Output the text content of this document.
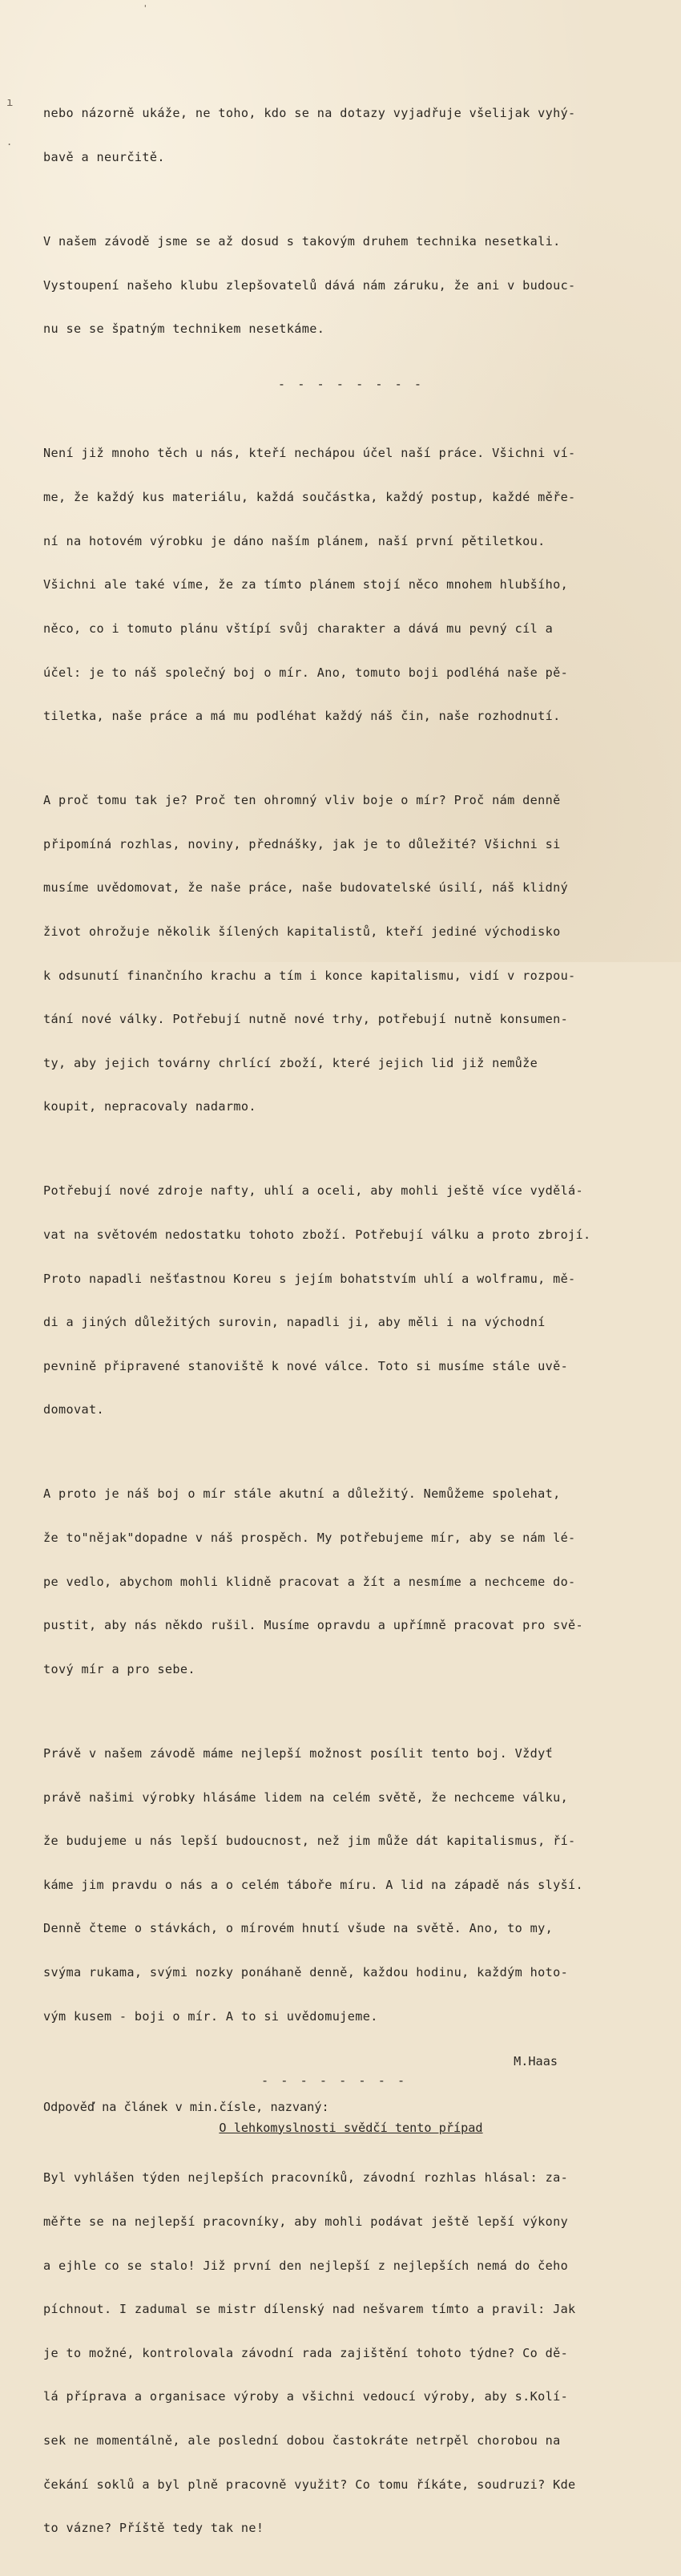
'
ı
.

nebo názorně ukáže, ne toho, kdo se na dotazy vyjadřuje všelijak vyhý-

bavě a neurčitě.

V našem závodě jsme se až dosud s takovým druhem technika nesetkali.

Vystoupení našeho klubu zlepšovatelů dává nám záruku, že ani v budouc-

nu se se špatným technikem nesetkáme.

- - - - - - - -

Není již mnoho těch u nás, kteří nechápou účel naší práce. Všichni ví-

me, že každý kus materiálu, každá součástka, každý postup, každé měře-

ní na hotovém výrobku je dáno naším plánem, naší první pětiletkou.

Všichni ale také víme, že za tímto plánem stojí něco mnohem hlubšího,

něco, co i tomuto plánu vštípí svůj charakter a dává mu pevný cíl a

účel: je to náš společný boj o mír. Ano, tomuto boji podléhá naše pě-

tiletka, naše práce a má mu podléhat každý náš čin, naše rozhodnutí.

A proč tomu tak je? Proč ten ohromný vliv boje o mír? Proč nám denně

připomíná rozhlas, noviny, přednášky, jak je to důležité? Všichni si

musíme uvědomovat, že naše práce, naše budovatelské úsilí, náš klidný

život ohrožuje několik šílených kapitalistů, kteří jediné východisko

k odsunutí finančního krachu a tím i konce kapitalismu, vidí v rozpou-

tání nové války. Potřebují nutně nové trhy, potřebují nutně konsumen-

ty, aby jejich továrny chrlící zboží, které jejich lid již nemůže

koupit, nepracovaly nadarmo.

Potřebují nové zdroje nafty, uhlí a oceli, aby mohli ještě více vydělá-

vat na světovém nedostatku tohoto zboží. Potřebují válku a proto zbrojí.

Proto napadli nešťastnou Koreu s jejím bohatstvím uhlí a wolframu, mě-

di a jiných důležitých surovin, napadli ji, aby měli i na východní

pevnině připravené stanoviště k nové válce. Toto si musíme stále uvě-

domovat.

A proto je náš boj o mír stále akutní a důležitý. Nemůžeme spolehat,

že to"nějak"dopadne v náš prospěch. My potřebujeme mír, aby se nám lé-

pe vedlo, abychom mohli klidně pracovat a žít a nesmíme a nechceme do-

pustit, aby nás někdo rušil. Musíme opravdu a upřímně pracovat pro svě-

tový mír a pro sebe.

Právě v našem závodě máme nejlepší možnost posílit tento boj. Vždyť

právě našimi výrobky hlásáme lidem na celém světě, že nechceme válku,

že budujeme u nás lepší budoucnost, než jim může dát kapitalismus, ří-

káme jim pravdu o nás a o celém táboře míru. A lid na západě nás slyší.

Denně čteme o stávkách, o mírovém hnutí všude na světě. Ano, to my,

svýma rukama, svými nozky ponáhaně denně, každou hodinu, každým hoto-

vým kusem - boji o mír. A to si uvědomujeme.

M.Haas
- - - - - - - -
Odpověď na článek v min.čísle, nazvaný:
O lehkomyslnosti svědčí tento případ

Byl vyhlášen týden nejlepších pracovníků, závodní rozhlas hlásal: za-

měřte se na nejlepší pracovníky, aby mohli podávat ještě lepší výkony

a ejhle co se stalo! Již první den nejlepší z nejlepších nemá do čeho

píchnout. I zadumal se mistr dílenský nad nešvarem tímto a pravil: Jak

je to možné, kontrolovala závodní rada zajištění tohoto týdne? Co dě-

lá příprava a organisace výroby a všichni vedoucí výroby, aby s.Kolí-

sek ne momentálně, ale poslední dobou častokráte netrpěl chorobou na

čekání soklů a byl plně pracovně využit? Co tomu říkáte, soudruzi? Kde

to vázne? Příště tedy tak ne!
